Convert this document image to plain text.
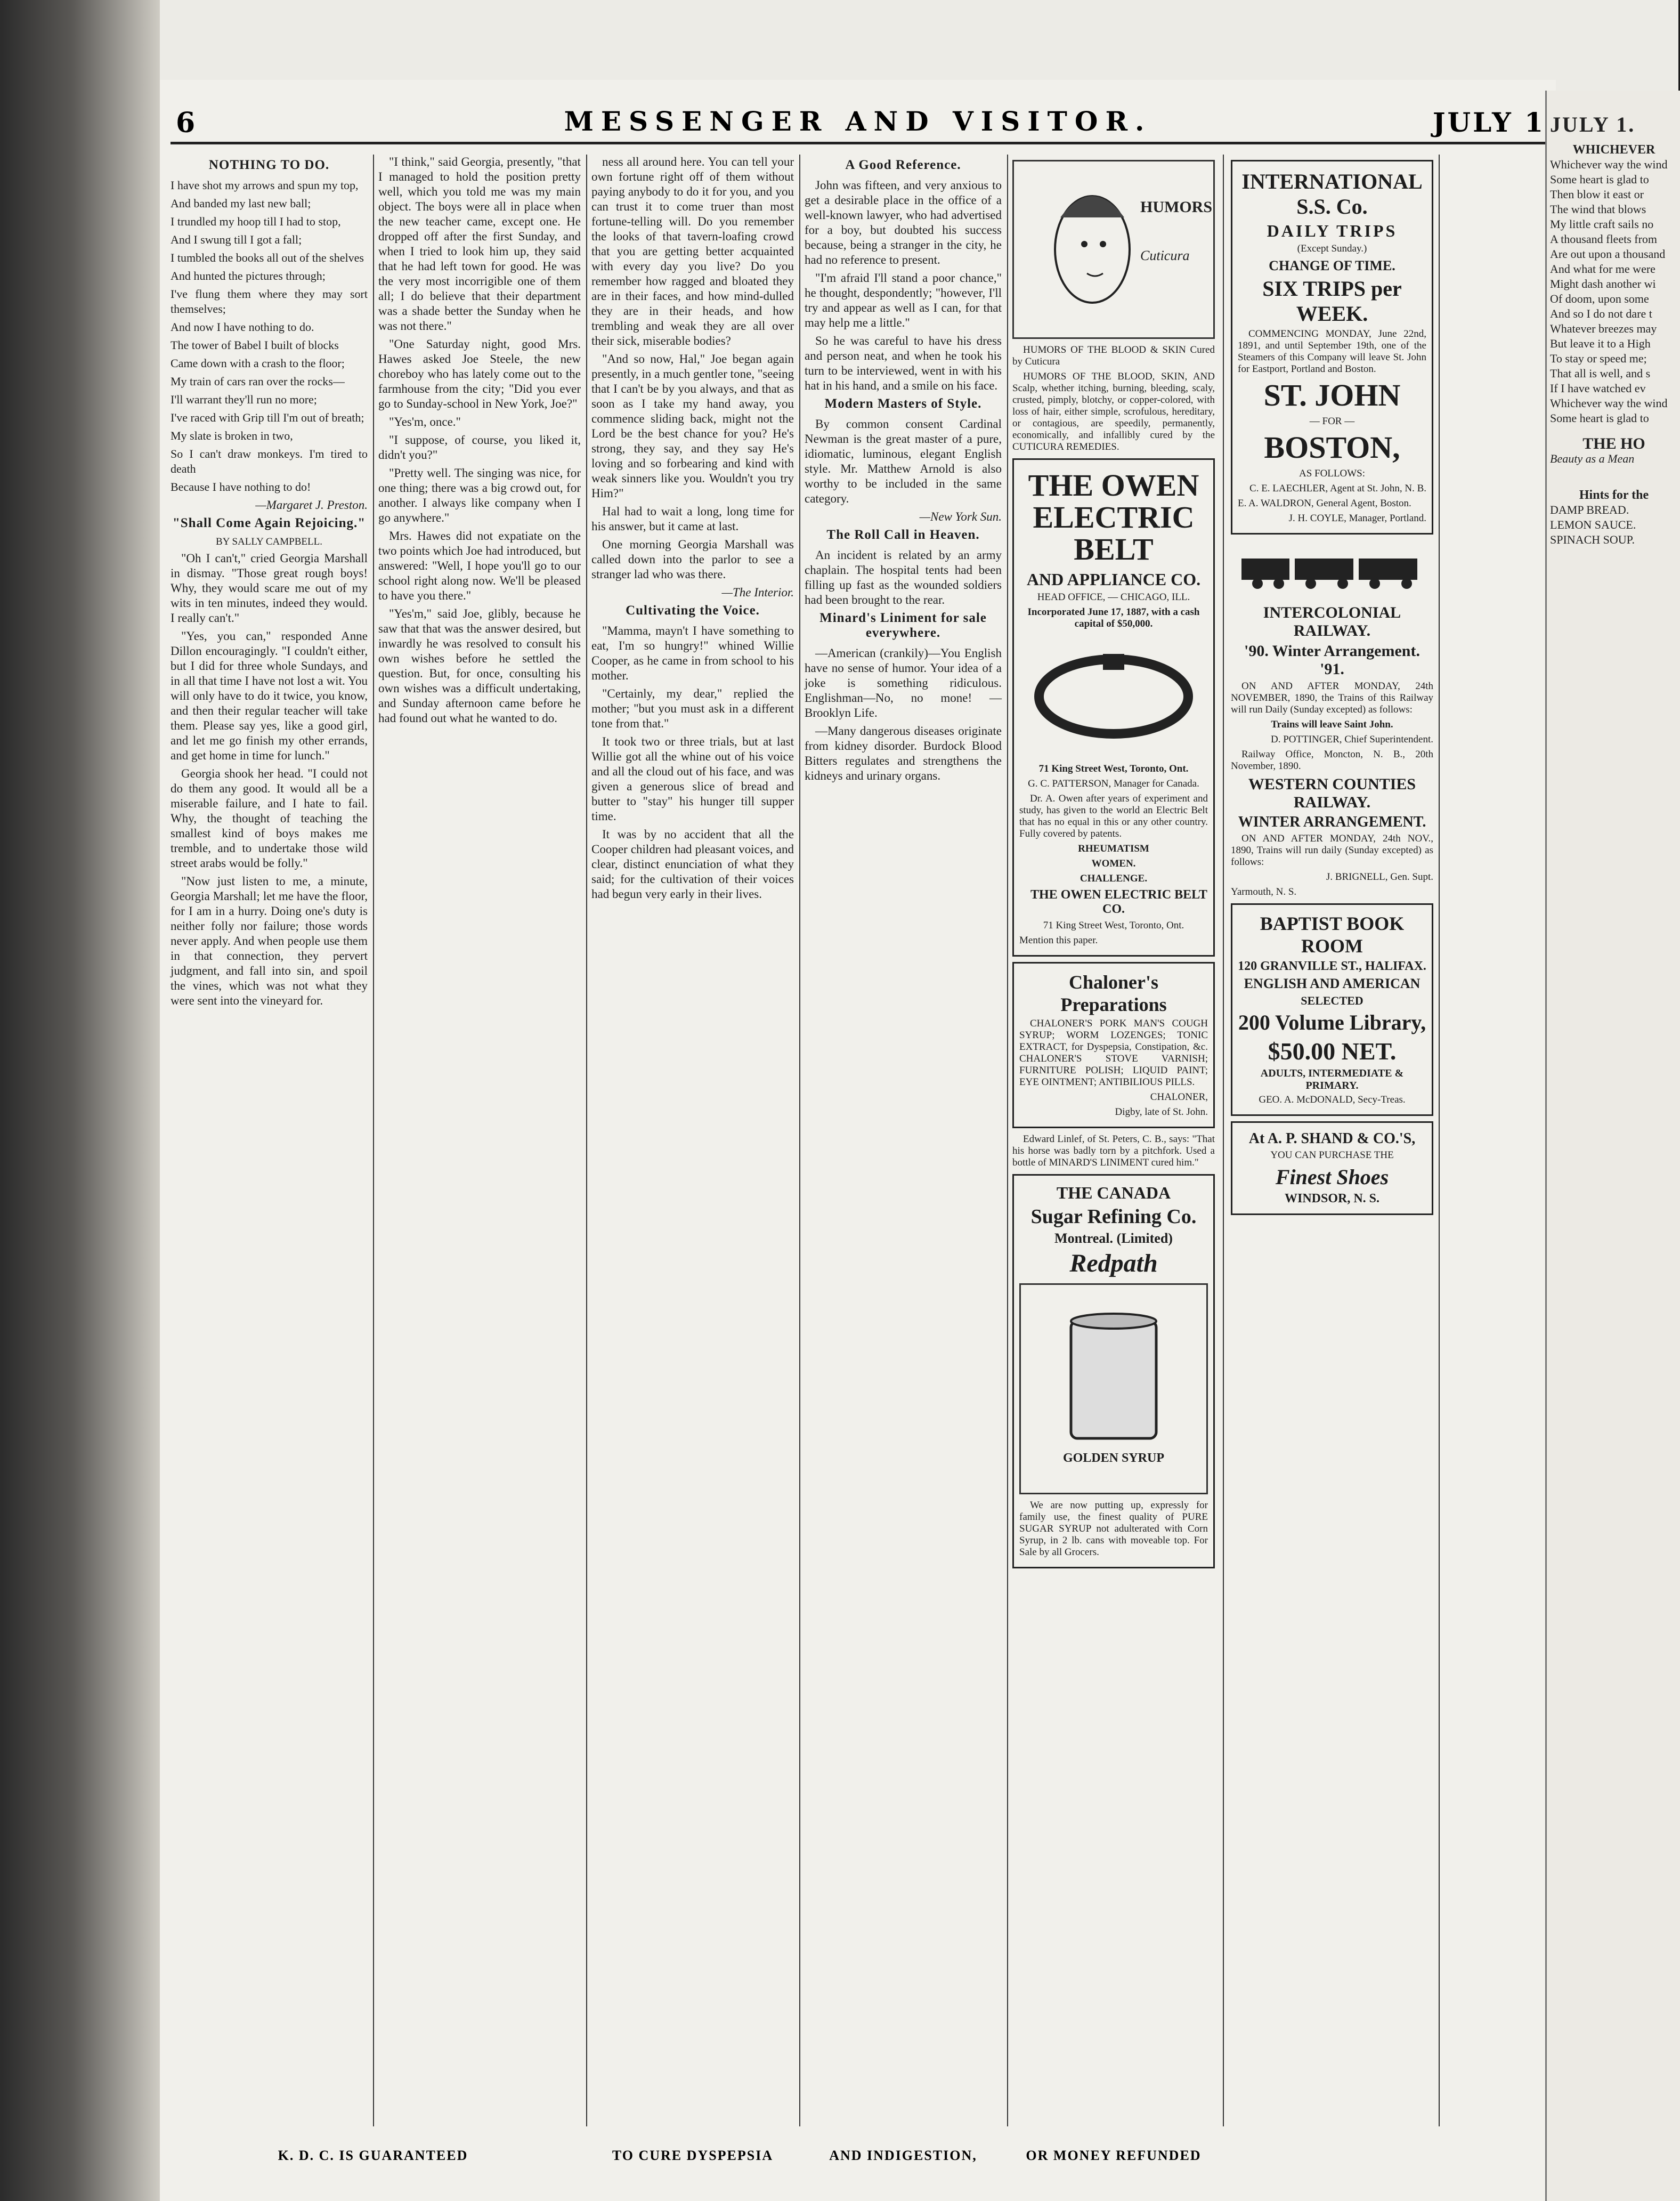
6	MESSENGER AND VISITOR.	JULY 1
NOTHING TO DO.

I have shot my arrows and spun my top,

And banded my last new ball;

I trundled my hoop till I had to stop,

And I swung till I got a fall;

I tumbled the books all out of the shelves

And hunted the pictures through;

I've flung them where they may sort themselves;

And now I have nothing to do.

The tower of Babel I built of blocks

Came down with a crash to the floor;

My train of cars ran over the rocks—

I'll warrant they'll run no more;

I've raced with Grip till I'm out of breath;

My slate is broken in two,

So I can't draw monkeys. I'm tired to death

Because I have nothing to do!

—Margaret J. Preston.

"Shall Come Again Rejoicing."

BY SALLY CAMPBELL.

"Oh I can't," cried Georgia Marshall in dismay. "Those great rough boys! Why, they would scare me out of my wits in ten minutes, indeed they would. I really can't."

"Yes, you can," responded Anne Dillon encouragingly. "I couldn't either, but I did for three whole Sundays, and in all that time I have not lost a wit. You will only have to do it twice, you know, and then their regular teacher will take them. Please say yes, like a good girl, and let me go finish my other errands, and get home in time for lunch."

Georgia shook her head. "I could not do them any good. It would all be a miserable failure, and I hate to fail. Why, the thought of teaching the smallest kind of boys makes me tremble, and to undertake those wild street arabs would be folly."

"Now just listen to me, a minute, Georgia Marshall; let me have the floor, for I am in a hurry. Doing one's duty is neither folly nor failure; those words never apply. And when people use them in that connection, they pervert judgment, and fall into sin, and spoil the vines, which was not what they were sent into the vineyard for.

"I think," said Georgia, presently, "that I managed to hold the position pretty well, which you told me was my main object. The boys were all in place when the new teacher came, except one. He dropped off after the first Sunday, and when I tried to look him up, they said that he had left town for good. He was the very most incorrigible one of them all; I do believe that their department was a shade better the Sunday when he was not there."

"One Saturday night, good Mrs. Hawes asked Joe Steele, the new choreboy who has lately come out to the farmhouse from the city; "Did you ever go to Sunday-school in New York, Joe?"

"Yes'm, once."

"I suppose, of course, you liked it, didn't you?"

"Pretty well. The singing was nice, for one thing; there was a big crowd out, for another. I always like company when I go anywhere."

Mrs. Hawes did not expatiate on the two points which Joe had introduced, but answered: "Well, I hope you'll go to our school right along now. We'll be pleased to have you there."

"Yes'm," said Joe, glibly, because he saw that that was the answer desired, but inwardly he was resolved to consult his own wishes before he settled the question. But, for once, consulting his own wishes was a difficult undertaking, and Sunday afternoon came before he had found out what he wanted to do.

ness all around here. You can tell your own fortune right off of them without paying anybody to do it for you, and you can trust it to come truer than most fortune-telling will. Do you remember the looks of that tavern-loafing crowd that you are getting better acquainted with every day you live? Do you remember how ragged and bloated they are in their faces, and how mind-dulled they are in their heads, and how trembling and weak they are all over their sick, miserable bodies?

"And so now, Hal," Joe began again presently, in a much gentler tone, "seeing that I can't be by you always, and that as soon as I take my hand away, you commence sliding back, might not the Lord be the best chance for you? He's strong, they say, and they say He's loving and so forbearing and kind with weak sinners like you. Wouldn't you try Him?"

Hal had to wait a long, long time for his answer, but it came at last.

One morning Georgia Marshall was called down into the parlor to see a stranger lad who was there.

—The Interior.

Cultivating the Voice.

"Mamma, mayn't I have something to eat, I'm so hungry!" whined Willie Cooper, as he came in from school to his mother.

"Certainly, my dear," replied the mother; "but you must ask in a different tone from that."

It took two or three trials, but at last Willie got all the whine out of his voice and all the cloud out of his face, and was given a generous slice of bread and butter to "stay" his hunger till supper time.

It was by no accident that all the Cooper children had pleasant voices, and clear, distinct enunciation of what they said; for the cultivation of their voices had begun very early in their lives.

A Good Reference.

John was fifteen, and very anxious to get a desirable place in the office of a well-known lawyer, who had advertised for a boy, but doubted his success because, being a stranger in the city, he had no reference to present.

"I'm afraid I'll stand a poor chance," he thought, despondently; "however, I'll try and appear as well as I can, for that may help me a little."

So he was careful to have his dress and person neat, and when he took his turn to be interviewed, went in with his hat in his hand, and a smile on his face.

Modern Masters of Style.

By common consent Cardinal Newman is the great master of a pure, idiomatic, luminous, elegant English style. Mr. Matthew Arnold is also worthy to be included in the same category.

—New York Sun.

The Roll Call in Heaven.

An incident is related by an army chaplain. The hospital tents had been filling up fast as the wounded soldiers had been brought to the rear.

Minard's Liniment for sale everywhere.

—American (crankily)—You English have no sense of humor. Your idea of a joke is something ridiculous. Englishman—No, no mone! —Brooklyn Life.

—Many dangerous diseases originate from kidney disorder. Burdock Blood Bitters regulates and strengthens the kidneys and urinary organs.

HUMORS
Cuticura

HUMORS OF THE BLOOD & SKIN Cured by Cuticura

HUMORS OF THE BLOOD, SKIN, AND Scalp, whether itching, burning, bleeding, scaly, crusted, pimply, blotchy, or copper-colored, with loss of hair, either simple, scrofulous, hereditary, or contagious, are speedily, permanently, economically, and infallibly cured by the CUTICURA REMEDIES.

THE OWEN ELECTRIC BELT
AND APPLIANCE CO.

HEAD OFFICE, — CHICAGO, ILL.

Incorporated June 17, 1887, with a cash capital of $50,000.

71 King Street West, Toronto, Ont.

G. C. PATTERSON, Manager for Canada.

Dr. A. Owen after years of experiment and study, has given to the world an Electric Belt that has no equal in this or any other country. Fully covered by patents.

RHEUMATISM

WOMEN.

CHALLENGE.

THE OWEN ELECTRIC BELT CO.

71 King Street West, Toronto, Ont.

Mention this paper.

Chaloner's Preparations

CHALONER'S PORK MAN'S COUGH SYRUP; WORM LOZENGES; TONIC EXTRACT, for Dyspepsia, Constipation, &c. CHALONER'S STOVE VARNISH; FURNITURE POLISH; LIQUID PAINT; EYE OINTMENT; ANTIBILIOUS PILLS.

CHALONER,

Digby, late of St. John.

Edward Linlef, of St. Peters, C. B., says: "That his horse was badly torn by a pitchfork. Used a bottle of MINARD'S LINIMENT cured him."

THE CANADA
Sugar Refining Co.
Montreal. (Limited)
Redpath
GOLDEN SYRUP

We are now putting up, expressly for family use, the finest quality of PURE SUGAR SYRUP not adulterated with Corn Syrup, in 2 lb. cans with moveable top. For Sale by all Grocers.

INTERNATIONAL S.S. Co.
DAILY TRIPS

(Except Sunday.)

CHANGE OF TIME.
SIX TRIPS per WEEK.

COMMENCING MONDAY, June 22nd, 1891, and until September 19th, one of the Steamers of this Company will leave St. John for Eastport, Portland and Boston.

ST. JOHN

— FOR —

BOSTON,

AS FOLLOWS:

C. E. LAECHLER, Agent at St. John, N. B.

E. A. WALDRON, General Agent, Boston.

J. H. COYLE, Manager, Portland.

INTERCOLONIAL RAILWAY.
'90. Winter Arrangement. '91.

ON AND AFTER MONDAY, 24th NOVEMBER, 1890, the Trains of this Railway will run Daily (Sunday excepted) as follows:

Trains will leave Saint John.

D. POTTINGER, Chief Superintendent.

Railway Office, Moncton, N. B., 20th November, 1890.

WESTERN COUNTIES RAILWAY.
WINTER ARRANGEMENT.

ON AND AFTER MONDAY, 24th NOV., 1890, Trains will run daily (Sunday excepted) as follows:

J. BRIGNELL, Gen. Supt.

Yarmouth, N. S.

BAPTIST BOOK ROOM
120 GRANVILLE ST., HALIFAX.
ENGLISH AND AMERICAN
SELECTED
200 Volume Library,
$50.00 NET.
ADULTS, INTERMEDIATE & PRIMARY.

GEO. A. McDONALD, Secy-Treas.

At A. P. SHAND & CO.'S,

YOU CAN PURCHASE THE

Finest Shoes
WINDSOR, N. S.
K. D. C. IS GUARANTEED	TO CURE DYSPEPSIA	AND INDIGESTION,	OR MONEY REFUNDED
JULY 1.
WHICHEVER
Whichever way the wind
Some heart is glad to
Then blow it east or
The wind that blows
My little craft sails no
A thousand fleets from
Are out upon a thousand
And what for me were
Might dash another wi
Of doom, upon some
And so I do not dare t
Whatever breezes may
But leave it to a High
To stay or speed me;
That all is well, and s
If I have watched ev
Whichever way the wind
Some heart is glad to
THE HO
Beauty as a Mean
Hints for the
DAMP BREAD.
LEMON SAUCE.
SPINACH SOUP.
